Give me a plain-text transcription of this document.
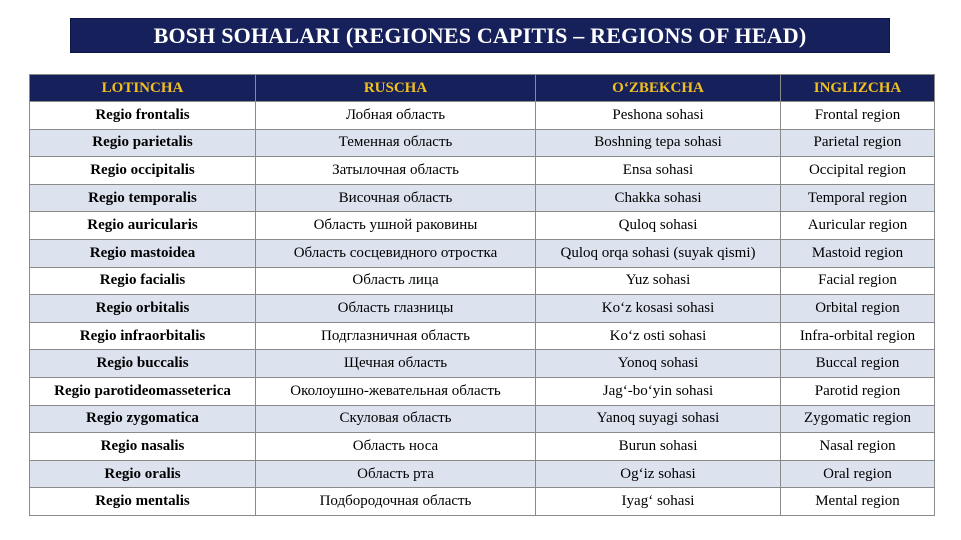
BOSH SOHALARI (REGIONES CAPITIS – REGIONS OF HEAD)
LOTINCHA	RUSCHA	O‘ZBEKCHA	INGLIZCHA
Regio frontalis	Лобная область	Peshona sohasi	Frontal region
Regio parietalis	Теменная область	Boshning tepa sohasi	Parietal region
Regio occipitalis	Затылочная область	Ensa sohasi	Occipital region
Regio temporalis	Височная область	Chakka sohasi	Temporal region
Regio auricularis	Область ушной раковины	Quloq sohasi	Auricular region
Regio mastoidea	Область сосцевидного отростка	Quloq orqa sohasi (suyak qismi)	Mastoid region
Regio facialis	Область лица	Yuz sohasi	Facial region
Regio orbitalis	Область глазницы	Ko‘z kosasi sohasi	Orbital region
Regio infraorbitalis	Подглазничная область	Ko‘z osti sohasi	Infra-orbital region
Regio buccalis	Щечная область	Yonoq sohasi	Buccal region
Regio parotideomasseterica	Околоушно-жевательная область	Jag‘-bo‘yin sohasi	Parotid region
Regio zygomatica	Скуловая область	Yanoq suyagi sohasi	Zygomatic region
Regio nasalis	Область носа	Burun sohasi	Nasal region
Regio oralis	Область рта	Og‘iz sohasi	Oral region
Regio mentalis	Подбородочная область	Iyag‘ sohasi	Mental region
